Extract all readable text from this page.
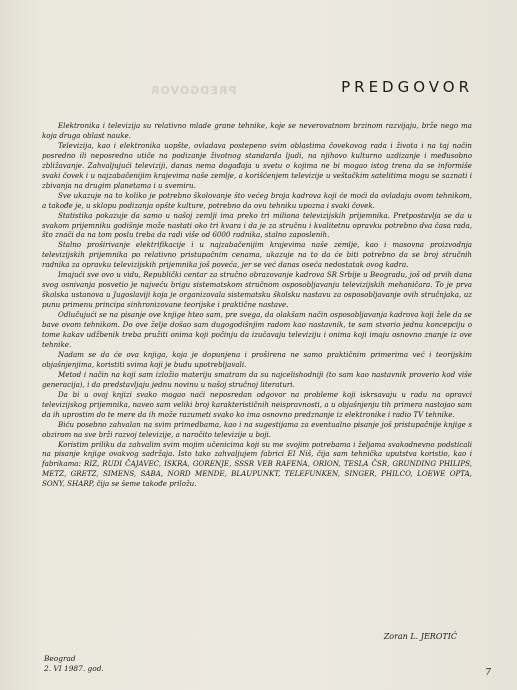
PREDGOVOR	PREDGOVOR

Elektronika i televizija su relativno mlade grane tehnike, koje se neverovatnom brzinom razvijaju, brže nego ma koja druga oblast nauke.

Televizija, kao i elektronika uopšte, ovladava postepeno svim oblastima čovekovog rada i života i na taj način posredno ili neposredno utiče na podizanje životnog standarda ljudi, na njihovo kulturno uzdizanje i međusobno zbližavanje. Zahvaljujući televiziji, danas nema događaja u svetu o kojima ne bi mogao istog trena da se informiše svaki čovek i u najzabačenijim krajevima naše zemlje, a korišćenjem televizije u veštačkim satelitima mogu se saznati i zbivanja na drugim planetama i u svemiru.

Sve ukazuje na to koliko je potrebno školovanje što većeg broja kadrova koji će moći da ovladaju ovom tehnikom, a takođe je, u sklopu podizanja opšte kulture, potrebno da ovu tehniku upozna i svaki čovek.

Statistika pokazuje da samo u našoj zemlji ima preko tri miliona televizijskih prijemnika. Pretpostavlja se da u svakom prijemniku godišnje može nastati oko tri kvara i da je za stručnu i kvalitetnu opravku potrebno dva časa rada, što znači da na tom poslu treba da radi više od 6000 radnika, stalno zaposlenih.

Stalno proširivanje elektrifikacije i u najzabačenijim krajevima naše zemlje, kao i masovna proizvodnja televizijskih prijemnika po relativno pristupačnim cenama, ukazuje na to da će biti potrebno da se broj stručnih radnika za opravku televizijskih prijemnika još poveća, jer se već danas oseća nedostatak ovog kadra.

Imajući sve ovo u vidu, Republički centar za stručno obrazovanje kadrova SR Srbije u Beogradu, još od prvih dana svog osnivanja posvetio je najveću brigu sistematskom stručnom osposobljavanju televizijskih mehaničara. To je prva školska ustanova u Jugoslaviji koja je organizovala sistematsku školsku nastavu za osposobljavanje ovih stručnjaka, uz punu primenu principa sinhronizovane teorijske i praktične nastave.

Odlučujući se na pisanje ove knjige hteo sam, pre svega, da olakšam način osposobljavanja kadrova koji žele da se bave ovom tehnikom. Do ove želje došao sam dugogodišnjim radom kao nastavnik, te sam stvorio jednu koncepciju o tome kakav udžbenik treba pružiti onima koji počinju da izučavaju televiziju i onima koji imaju osnovno znanje iz ove tehnike.

Nadam se da će ova knjiga, koja je dopunjena i proširena ne samo praktičnim primerima već i teorijskim objašnjenjima, koristiti svima koji je budu upotrebljavali.

Metod i način na koji sam izložio materiju smatram da su najcelishodniji (to sam kao nastavnik proverio kod više generacija), i da predstavljaju jednu novinu u našoj stručnoj literaturi.

Da bi u ovoj knjizi svako mogao naći neposredan odgovor na probleme koji iskrsavaju u radu na opravci televizijskog prijemnika, naveo sam veliki broj karakterističnih neispravnosti, a u objašnjenju tih primera nastojao sam da ih uprostim do te mere da ih može razumeti svako ko ima osnovno predznanje iz elektronike i radio TV tehnike.

Biću posebno zahvalan na svim primedbama, kao i na sugestijama za eventualno pisanje još pristupačnije knjige s obzirom na sve brži razvoj televizije, a naročito televizije u boji.

Koristim priliku da zahvalim svim mojim učenicima koji su me svojim potrebama i željama svakodnevno podsticali na pisanje knjige ovakvog sadržaja. Isto tako zahvaljujem fabrici EI Niš, čija sam tehnička uputstva koristio, kao i fabrikama: RIZ, RUDI ČAJAVEC, ISKRA, GORENJE, SSSR VEB RAFENA, ORION, TESLA ČSR, GRUNDING PHILIPS, METZ, GRETZ, SIMENS, SABA, NORD MENDE, BLAUPUNKT, TELEFUNKEN, SINGER, PHILCO, LOEWE OPTA, SONY, SHARP, čija se šeme takođe priložu.

Zoran L. JEROTIĆ
Beograd
2. VI 1987. god.	7
